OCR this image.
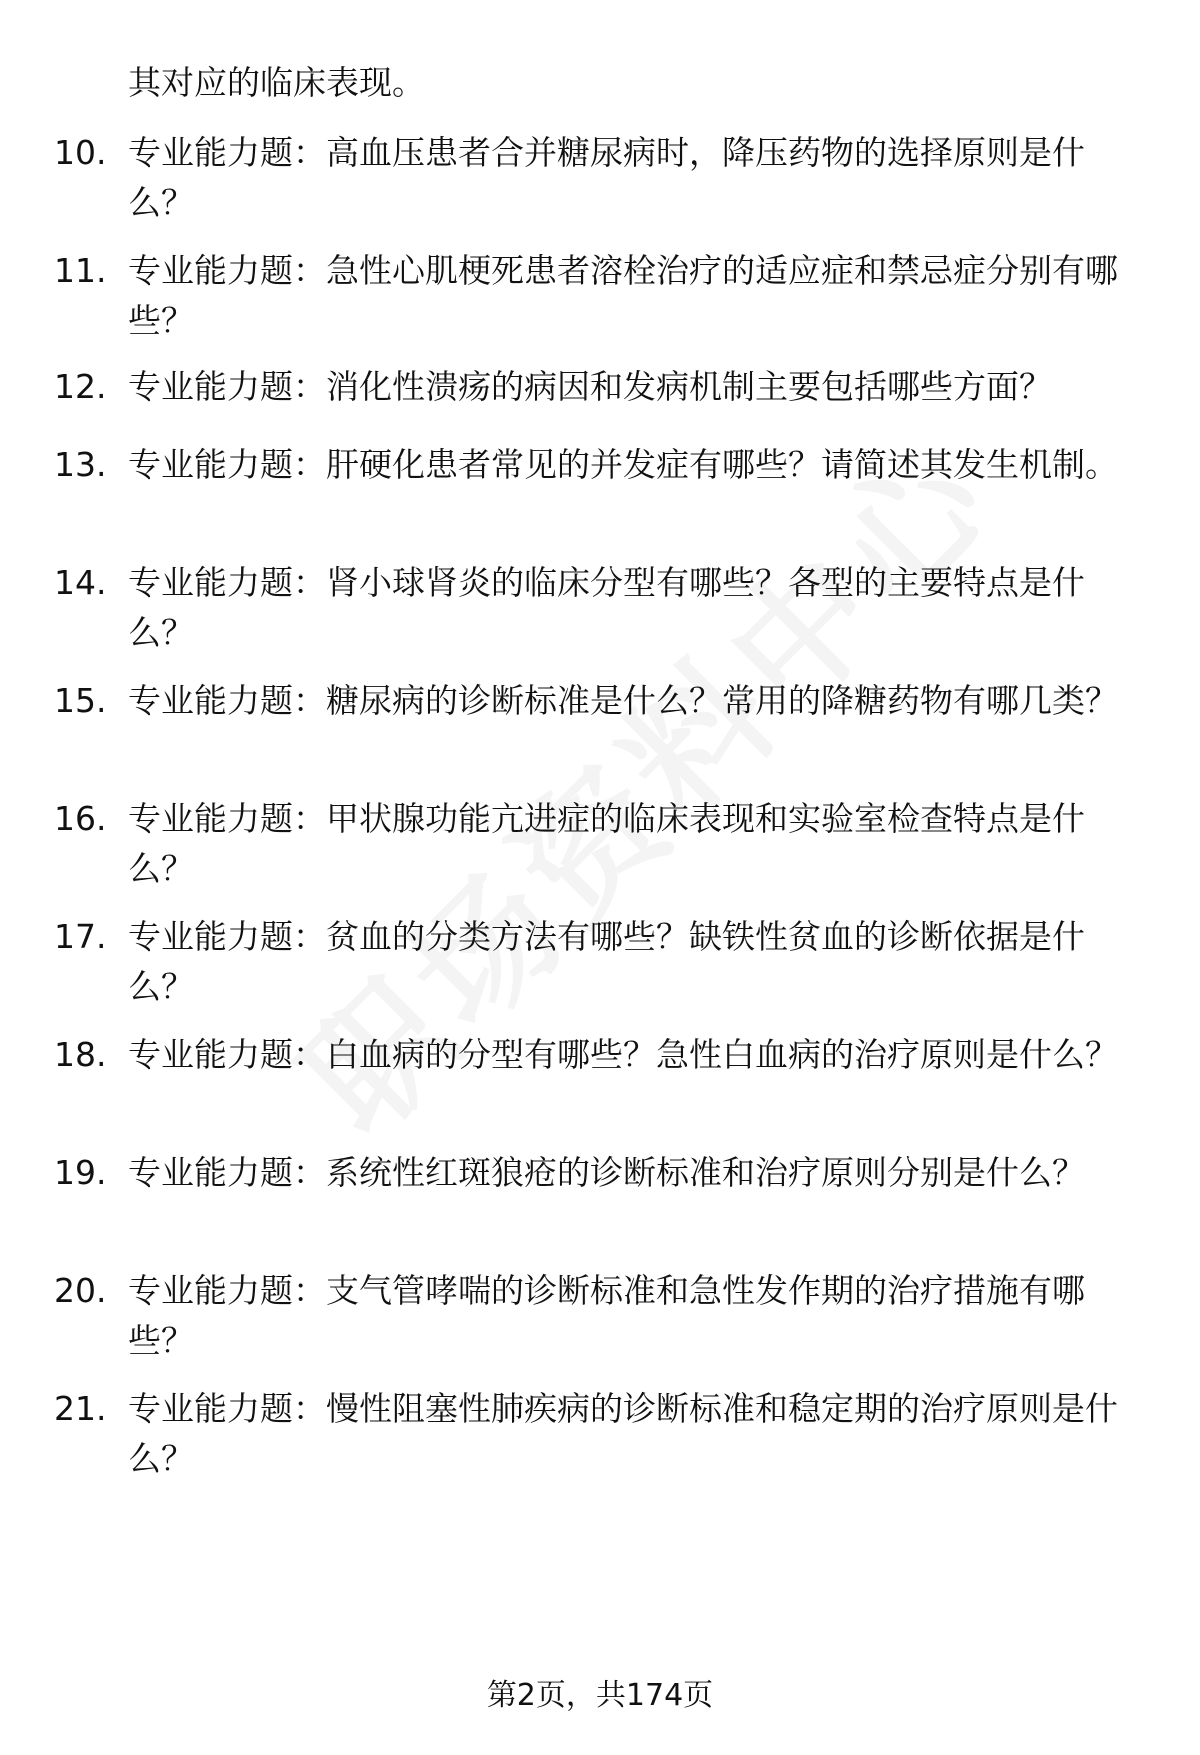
其对应的临床表现。
10. 专业能力题：高血压患者合并糖尿病时，降压药物的选择原则是什么？
11. 专业能力题：急性心肌梗死患者溶栓治疗的适应症和禁忌症分别有哪些？
12. 专业能力题：消化性溃疡的病因和发病机制主要包括哪些方面？
13. 专业能力题：肝硬化患者常见的并发症有哪些？请简述其发生机制。
14. 专业能力题：肾小球肾炎的临床分型有哪些？各型的主要特点是什么？
15. 专业能力题：糖尿病的诊断标准是什么？常用的降糖药物有哪几类？
16. 专业能力题：甲状腺功能亢进症的临床表现和实验室检查特点是什么？
17. 专业能力题：贫血的分类方法有哪些？缺铁性贫血的诊断依据是什么？
18. 专业能力题：白血病的分型有哪些？急性白血病的治疗原则是什么？
19. 专业能力题：系统性红斑狼疮的诊断标准和治疗原则分别是什么？
20. 专业能力题：支气管哮喘的诊断标准和急性发作期的治疗措施有哪些？
21. 专业能力题：慢性阻塞性肺疾病的诊断标准和稳定期的治疗原则是什么？
第2页，共174页
